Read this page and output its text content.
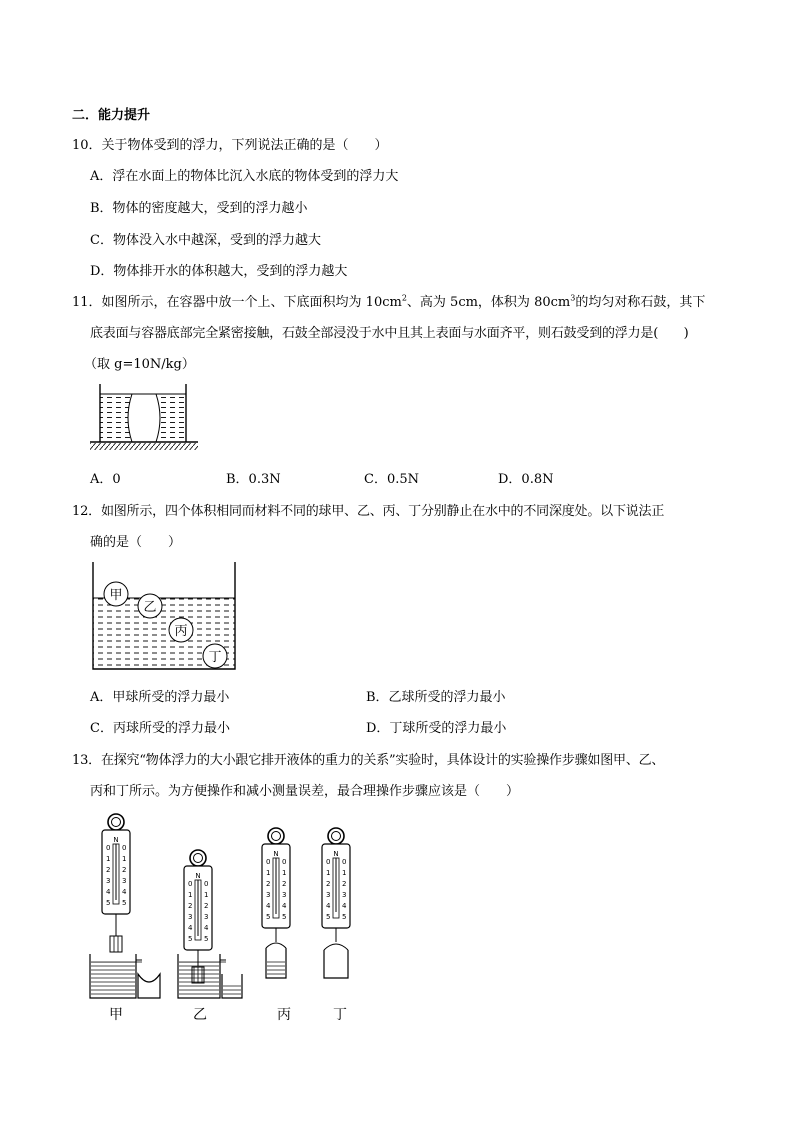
二．能力提升
10．关于物体受到的浮力，下列说法正确的是（　　）
A．浮在水面上的物体比沉入水底的物体受到的浮力大
B．物体的密度越大，受到的浮力越小
C．物体没入水中越深，受到的浮力越大
D．物体排开水的体积越大，受到的浮力越大
11．如图所示，在容器中放一个上、下底面积均为 $10cm^2$、高为 5cm，体积为 $80cm^3$的均匀对称石鼓，其下
底表面与容器底部完全紧密接触，石鼓全部浸没于水中且其上表面与水面齐平，则石鼓受到的浮力是(　　)
（取 g=10N/kg）
A．0	B．0.3N	C．0.5N	D．0.8N
12．如图所示，四个体积相同而材料不同的球甲、乙、丙、丁分别静止在水中的不同深度处。以下说法正
确的是（　　）
甲
乙
丙
丁
A．甲球所受的浮力最小	B．乙球所受的浮力最小
C．丙球所受的浮力最小	D．丁球所受的浮力最小
13．在探究“物体浮力的大小跟它排开液体的重力的关系”实验时，具体设计的实验操作步骤如图甲、乙、
丙和丁所示。为方便操作和减小测量误差，最合理操作步骤应该是（　　）
N
0
1
2
3
4
5
0
1
2
3
4
5
N
0
1
2
3
4
5
0
1
2
3
4
5
N
0
1
2
3
4
5
0
1
2
3
4
5
N
0
1
2
3
4
5
0
1
2
3
4
5
甲	乙	丙	丁
